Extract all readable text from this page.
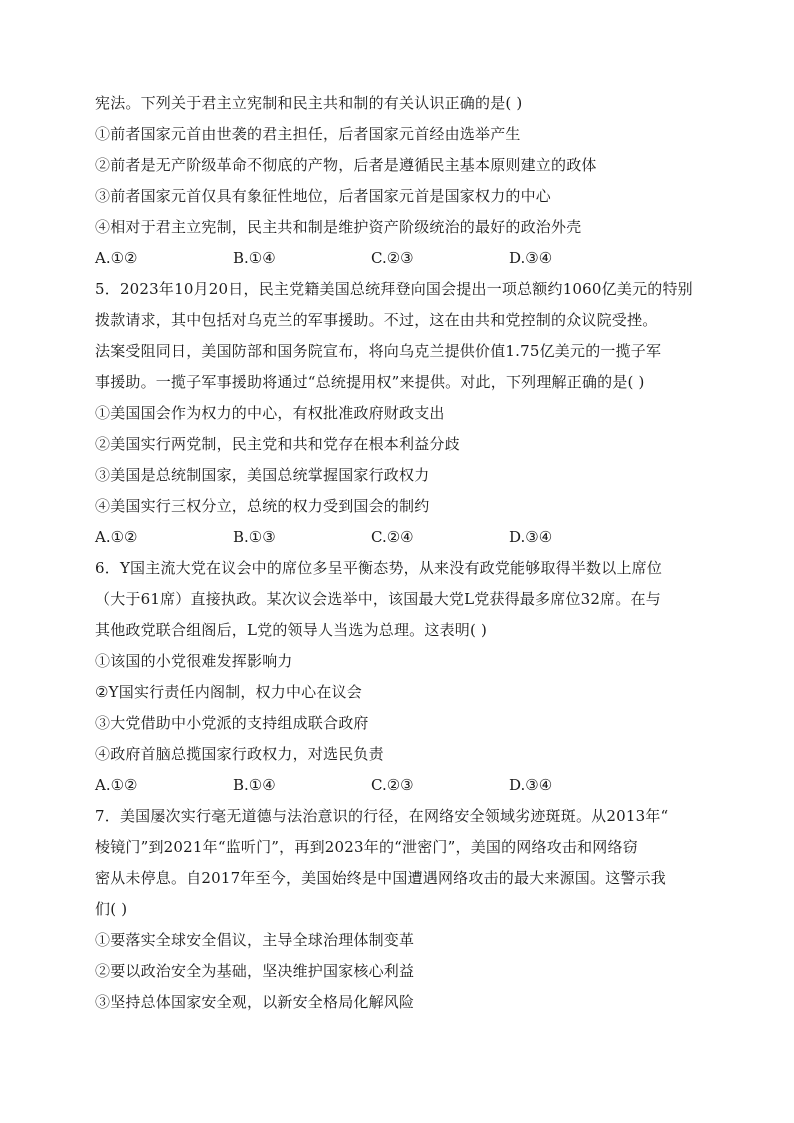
宪法。下列关于君主立宪制和民主共和制的有关认识正确的是( )
①前者国家元首由世袭的君主担任，后者国家元首经由选举产生
②前者是无产阶级革命不彻底的产物，后者是遵循民主基本原则建立的政体
③前者国家元首仅具有象征性地位，后者国家元首是国家权力的中心
④相对于君主立宪制，民主共和制是维护资产阶级统治的最好的政治外壳
A.①②	B.①④	C.②③	D.③④
5．2023年10月20日，民主党籍美国总统拜登向国会提出一项总额约1060亿美元的特别
拨款请求，其中包括对乌克兰的军事援助。不过，这在由共和党控制的众议院受挫。
法案受阻同日，美国防部和国务院宣布，将向乌克兰提供价值1.75亿美元的一揽子军
事援助。一揽子军事援助将通过“总统提用权”来提供。对此，下列理解正确的是( )
①美国国会作为权力的中心，有权批准政府财政支出
②美国实行两党制，民主党和共和党存在根本利益分歧
③美国是总统制国家，美国总统掌握国家行政权力
④美国实行三权分立，总统的权力受到国会的制约
A.①②	B.①③	C.②④	D.③④
6．Y国主流大党在议会中的席位多呈平衡态势，从来没有政党能够取得半数以上席位
（大于61席）直接执政。某次议会选举中，该国最大党L党获得最多席位32席。在与
其他政党联合组阁后，L党的领导人当选为总理。这表明( )
①该国的小党很难发挥影响力
②Y国实行责任内阁制，权力中心在议会
③大党借助中小党派的支持组成联合政府
④政府首脑总揽国家行政权力，对选民负责
A.①②	B.①④	C.②③	D.③④
7．美国屡次实行毫无道德与法治意识的行径，在网络安全领域劣迹斑斑。从2013年“
棱镜门”到2021年“监听门”，再到2023年的“泄密门”，美国的网络攻击和网络窃
密从未停息。自2017年至今，美国始终是中国遭遇网络攻击的最大来源国。这警示我
们( )
①要落实全球安全倡议，主导全球治理体制变革
②要以政治安全为基础，坚决维护国家核心利益
③坚持总体国家安全观，以新安全格局化解风险
